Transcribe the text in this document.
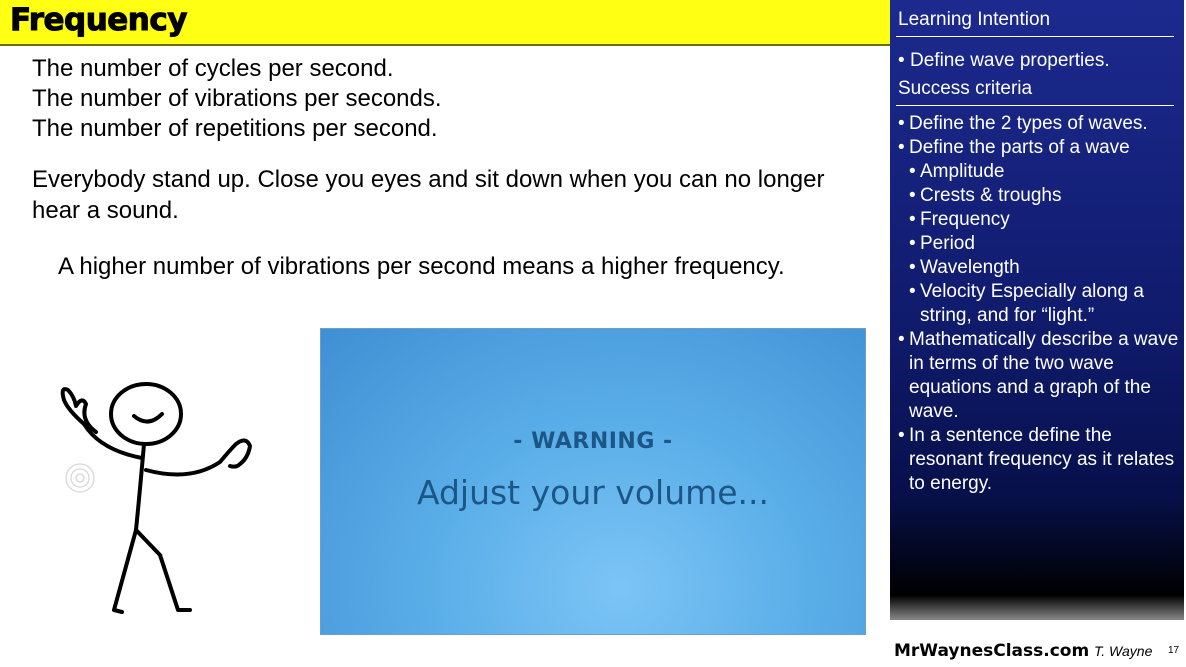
Frequency

The number of cycles per second.

The number of vibrations per seconds.

The number of repetitions per second.

Everybody stand up. Close you eyes and sit down when you can no longer hear a sound.

A higher number of vibrations per second means a higher frequency.

Learning Intention
• Define wave properties.
Success criteria
• Define the 2 types of waves.
• Define the parts of a wave
• Amplitude
• Crests & troughs
• Frequency
• Period
• Wavelength
• Velocity Especially along a string, and for “light.”
• Mathematically describe a wave in terms of the two wave equations and a graph of the wave.
• In a sentence define the resonant frequency as it relates to energy.
- WARNING -
Adjust your volume...
MrWaynesClass.com T. Wayne 17
